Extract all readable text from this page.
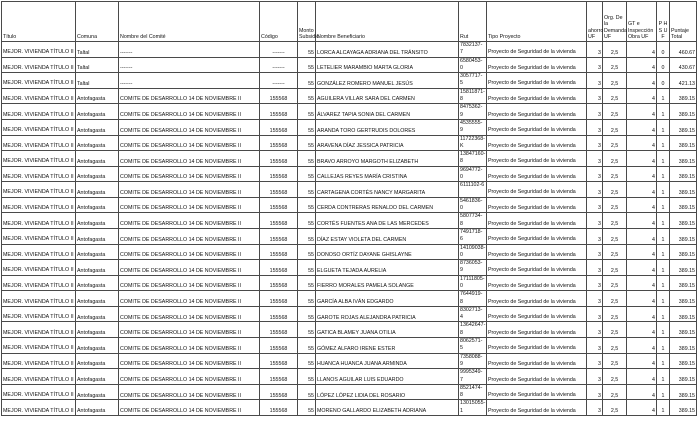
Título	Comuna	Nombre del Comité	Código	Monto Subsidio	Nombre Beneficiario	Rut	Tipo Proyecto	ahorro UF	Org. De la Demanda UF	GT e Inspección Obra UF	P H S U F	Puntaje Total
MEJOR. VIVIENDA TÍTULO II	Taltal	-------	-------	55	LORCA ALCAYAGA ADRIANA DEL TRÁNSITO	7832137-7	Proyecto de Seguridad de la vivienda	3	2,5	4	0	460.67
MEJOR. VIVIENDA TÍTULO II	Taltal	-------	-------	55	LETELIER MARAMBIO MARTA GLORIA	6580453-0	Proyecto de Seguridad de la vivienda	3	2,5	4	0	430.67
MEJOR. VIVIENDA TÍTULO II	Taltal	-------	-------	55	GONZÁLEZ ROMERO MANUEL JESÚS	3057717-5	Proyecto de Seguridad de la vivienda	3	2,5	4	0	421.13
MEJOR. VIVIENDA TÍTULO II	Antofagasta	COMITE DE DESARROLLO 14 DE NOVIEMBRE II	155568	55	AGUILERA VILLAR SARA DEL CARMEN	15811871-8	Proyecto de Seguridad de la vivienda	3	2,5	4	1	389.15
MEJOR. VIVIENDA TÍTULO II	Antofagasta	COMITE DE DESARROLLO 14 DE NOVIEMBRE II	155568	55	ÁLVAREZ TAPIA SONIA DEL CARMEN	8475362-9	Proyecto de Seguridad de la vivienda	3	2,5	4	1	389.15
MEJOR. VIVIENDA TÍTULO II	Antofagasta	COMITE DE DESARROLLO 14 DE NOVIEMBRE II	155568	55	ARANDA TORO GERTRUDIS DOLORES	4535555-9	Proyecto de Seguridad de la vivienda	3	2,5	4	1	389.15
MEJOR. VIVIENDA TÍTULO II	Antofagasta	COMITE DE DESARROLLO 14 DE NOVIEMBRE II	155568	55	ARAVENA DÍAZ JESSICA PATRICIA	11722368-K	Proyecto de Seguridad de la vivienda	3	2,5	4	1	389.15
MEJOR. VIVIENDA TÍTULO II	Antofagasta	COMITE DE DESARROLLO 14 DE NOVIEMBRE II	155568	55	BRAVO ARROYO MARGOTH ELIZABETH	13847160-8	Proyecto de Seguridad de la vivienda	3	2,5	4	1	389.15
MEJOR. VIVIENDA TÍTULO II	Antofagasta	COMITE DE DESARROLLO 14 DE NOVIEMBRE II	155568	55	CALLEJAS REYES MARÍA CRISTINA	9694772-0	Proyecto de Seguridad de la vivienda	3	2,5	4	1	389.15
MEJOR. VIVIENDA TÍTULO II	Antofagasta	COMITE DE DESARROLLO 14 DE NOVIEMBRE II	155568	55	CARTAGENA CORTÉS NANCY MARGARITA	6111102-6	Proyecto de Seguridad de la vivienda	3	2,5	4	1	389.15
MEJOR. VIVIENDA TÍTULO II	Antofagasta	COMITE DE DESARROLLO 14 DE NOVIEMBRE II	155568	55	CERDA CONTRERAS RENALDO DEL CARMEN	5461836-0	Proyecto de Seguridad de la vivienda	3	2,5	4	1	389.15
MEJOR. VIVIENDA TÍTULO II	Antofagasta	COMITE DE DESARROLLO 14 DE NOVIEMBRE II	155568	55	CORTÉS FUENTES ANA DE LAS MERCEDES	5807734-8	Proyecto de Seguridad de la vivienda	3	2,5	4	1	389.15
MEJOR. VIVIENDA TÍTULO II	Antofagasta	COMITE DE DESARROLLO 14 DE NOVIEMBRE II	155568	55	DÍAZ ESTAY VIOLETA DEL CARMEN	7491718-6	Proyecto de Seguridad de la vivienda	3	2,5	4	1	389.15
MEJOR. VIVIENDA TÍTULO II	Antofagasta	COMITE DE DESARROLLO 14 DE NOVIEMBRE II	155568	55	DONOSO ORTÍZ DAYANE GHISLAYNE	14109038-0	Proyecto de Seguridad de la vivienda	3	2,5	4	1	389.15
MEJOR. VIVIENDA TÍTULO II	Antofagasta	COMITE DE DESARROLLO 14 DE NOVIEMBRE II	155568	55	ELGUETA TEJADA AURELIA	8736053-9	Proyecto de Seguridad de la vivienda	3	2,5	4	1	389.15
MEJOR. VIVIENDA TÍTULO II	Antofagasta	COMITE DE DESARROLLO 14 DE NOVIEMBRE II	155568	55	FIERRO MORALES PAMELA SOLANGE	17111805-0	Proyecto de Seguridad de la vivienda	3	2,5	4	1	389.15
MEJOR. VIVIENDA TÍTULO II	Antofagasta	COMITE DE DESARROLLO 14 DE NOVIEMBRE II	155568	55	GARCÍA ALBA IVÁN EDGARDO	7644919-8	Proyecto de Seguridad de la vivienda	3	2,5	4	1	389.15
MEJOR. VIVIENDA TÍTULO II	Antofagasta	COMITE DE DESARROLLO 14 DE NOVIEMBRE II	155568	55	GAROTE ROJAS ALEJANDRA PATRICIA	8302713-4	Proyecto de Seguridad de la vivienda	3	2,5	4	1	389.15
MEJOR. VIVIENDA TÍTULO II	Antofagasta	COMITE DE DESARROLLO 14 DE NOVIEMBRE II	155568	55	GATICA BLAMEY JUANA OTILIA	13642647-8	Proyecto de Seguridad de la vivienda	3	2,5	4	1	389.15
MEJOR. VIVIENDA TÍTULO II	Antofagasta	COMITE DE DESARROLLO 14 DE NOVIEMBRE II	155568	55	GÓMEZ ALFARO IRENE ESTER	8062571-5	Proyecto de Seguridad de la vivienda	3	2,5	4	1	389.15
MEJOR. VIVIENDA TÍTULO II	Antofagasta	COMITE DE DESARROLLO 14 DE NOVIEMBRE II	155568	55	HUANCA HUANCA JUANA ARMINDA	7358088-9	Proyecto de Seguridad de la vivienda	3	2,5	4	1	389.15
MEJOR. VIVIENDA TÍTULO II	Antofagasta	COMITE DE DESARROLLO 14 DE NOVIEMBRE II	155568	55	LLANOS AGUILAR LUIS EDUARDO	9995349-7	Proyecto de Seguridad de la vivienda	3	2,5	4	1	389.15
MEJOR. VIVIENDA TÍTULO II	Antofagasta	COMITE DE DESARROLLO 14 DE NOVIEMBRE II	155568	55	LÓPEZ LÓPEZ LIDIA DEL ROSARIO	8521474-8	Proyecto de Seguridad de la vivienda	3	2,5	4	1	389.15
MEJOR. VIVIENDA TÍTULO II	Antofagasta	COMITE DE DESARROLLO 14 DE NOVIEMBRE II	155568	55	MORENO GALLARDO ELIZABETH ADRIANA	13015055-1	Proyecto de Seguridad de la vivienda	3	2,5	4	1	389.15
